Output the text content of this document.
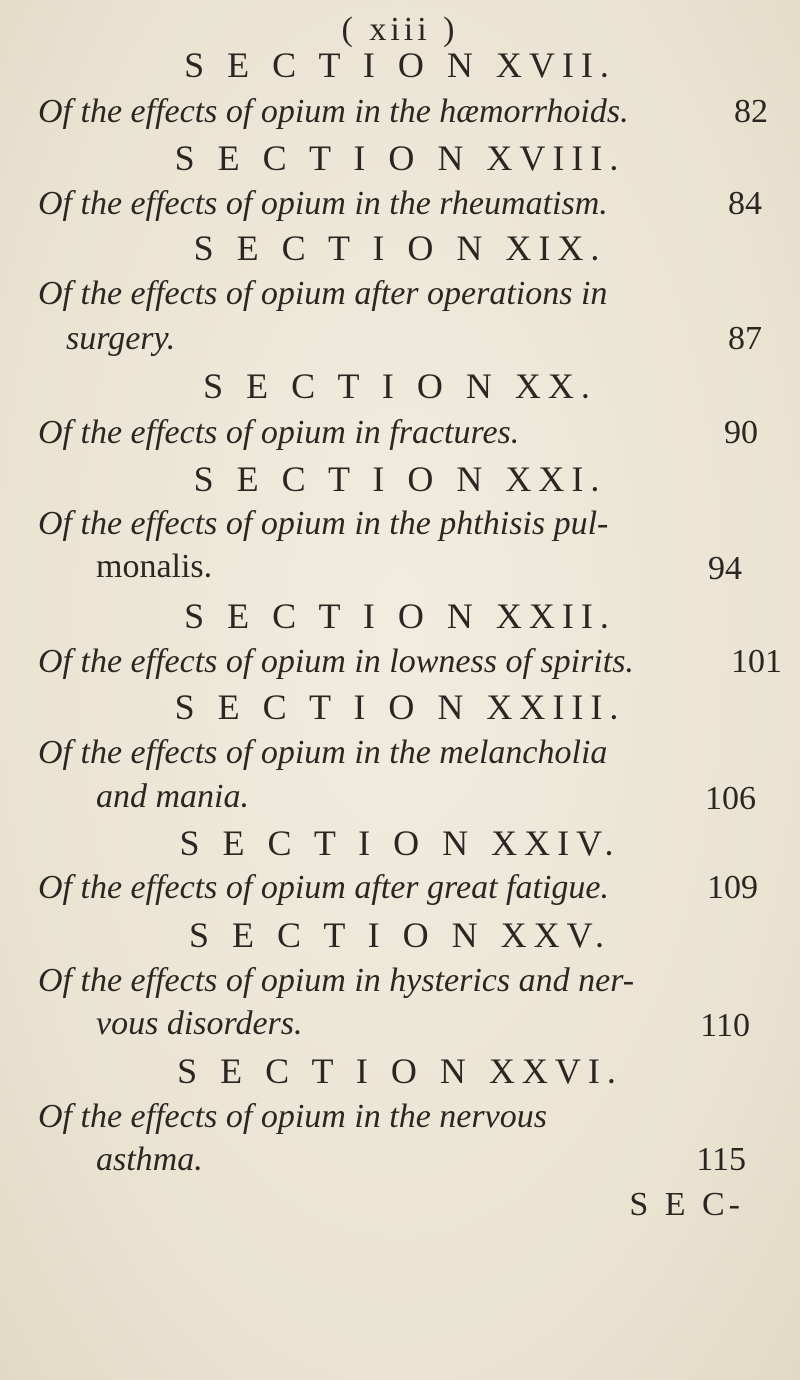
( xiii )
S E C T I O N XVII.
Of the effects of opium in the hæmorrhoids.	82
S E C T I O N XVIII.
Of the effects of opium in the rheumatism.	84
S E C T I O N XIX.
Of the effects of opium after operations in
surgery.	87
S E C T I O N XX.
Of the effects of opium in fractures.	90
S E C T I O N XXI.
Of the effects of opium in the phthisis pul-
monalis.	94
S E C T I O N XXII.
Of the effects of opium in lowness of spirits.	101
S E C T I O N XXIII.
Of the effects of opium in the melancholia
and mania.	106
S E C T I O N XXIV.
Of the effects of opium after great fatigue.	109
S E C T I O N XXV.
Of the effects of opium in hysterics and ner-
vous disorders.	110
S E C T I O N XXVI.
Of the effects of opium in the nervous
asthma.	115
S E C-
